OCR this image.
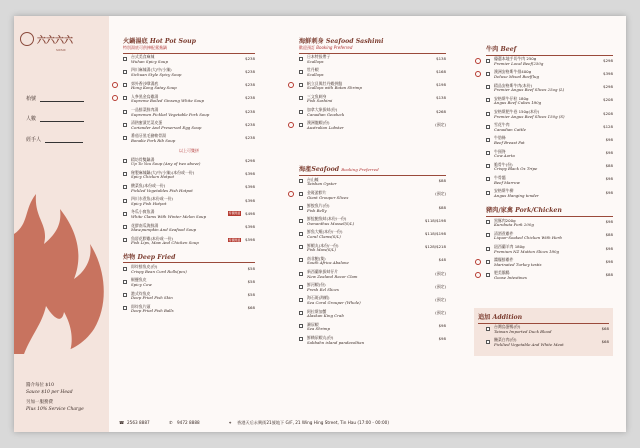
六六六六
SIXSIX
枱號
人數
經手人
醬介每位 $10
Sauce $10 per Head
另加一服務費
Plus 10% Service Charge
火鍋湯底 Hot Pot Soup
特別湯底可供揀配鴛鴦鍋
台式美食麻辣
Wuhan Spicy Soup
$238
四川麻辣湯(大/中/小辣)
Sichuan Style Spicy Soup
$238
郊外香沙嗲湯底
Hong Kong Satay Soup
$238
人參黑金烏雞湯
Supreme Boiled Ginseng White Soup
$238
一品鮮菜鮮肉湯
Supremen Pickled Vegetable Pork Soup
$238
清熱蜜漬芫荽皮蛋
Coriander And Preserved Egg Soup
$238
番茄牙黑毛豬軟骨湯
Bonalie Pork Rib Soup
$238
以上可雙拼
精坊骨雙鍋湯
Up To You Soup (Any of two above)
$298
秘製麻辣鍋(大/中/小辣)(本份或一份)
Spicy Chicken Hotpot
$398
酸菜魚(本份或一份)
Pickled Vegetables Fish Hotpot
$398
四川水煮魚(本份或一份)
Spicy Fish Hotpot
$398
冬瓜小窩魚湯
White Clams With Winter Melon Soup
特價湯頭 $498
花膠南瓜海鮮湯
Maw.pumpkin And Seafood Soup
$398
魚唇花膠雞(本份或一份)
Fish Lips, Maw And Chicken Soup
特價湯頭 $598
炸物 Deep Fried
即炸鮮魚皮(份)
Crispy Bean Curd Rolls(pcs)
$58
椒鹽魚皮
Spicy Cow
$58
港式炸魚皮
Deep Fried Fish Skin
$58
即炸魚片頭
Deep Fried Fish Balls
$68
海鮮刺身 Seafood Sashimi
歡迎預訂 Booking Preferred
日本特級帶子
Scallops
$138
牡丹蝦
Scallops
$168
帆立貝與牡丹蝦拼盤
Scallops with Botan Shrimp
$198
三文魚刺身
Fish Sashimi
$138
加拿大象拔蚌(份)
Canadian Geoduck
$268
澳洲龍蝦(份)
Australian Lobster
(預定)
海產Seafood Booking Preferred
台山蠔
Taishan Oyster
$88
金斑游膠片
Giant Grouper Slices
(預定)
鮮鯇魚片(份)
Fish Belly
$88
鮮鯰鮑魚蚌(本份/一份)
Osmanthus Mussel(S/L)
$118/$198
鮮魚大蜆(本份/一份)
Coral Clams(S/L)
$118/$198
鮮蝦丸(本份/一份)
Fish Maw(S/L)
$128/$218
南非鮑(隻)
South Africa Abalone
$48
新西蘭象拔蚌仔片
New Zealand Razor Clam
(預定)
鮮河蝦(份)
Fresh Eel Slices
(預定)
海石斑(海蝦)
Sea Coral Grouper (Whole)
(預定)
阿拉斯加蟹
Alaskan King Crab
(預定)
瀨尿蝦
Sea Shrimp
$98
鮮賴尿蝦丸(份)
Sabbahn island pandavoltian
$98
牛肉 Beef
優選本地手切牛肉 250g
Premier Local Beef(250g
$298
澳洲安格斯牛排400g
Deluxe Mixed Beef(lug
$398
精品安格斯牛肉(本份)
Premier Angus Beef Slices 25og (L)
$298
安格斯牛仔粒 180g
Angus Beef Cubes 180g
$208
安格斯肥牛卷 150g(本份)
Premier Angus Beef Slices 150g (S)
$208
雪花牛肉
Canadian Cattle
$128
牛肋條
Beef Breast Fat
$98
牛頸脊
Cow Aorta
$98
脆骨牛(份)
Crispy Black Ox Tripe
$88
牛骨髓
Beef Marrow
$98
安格斯牛柳
Angus Hanging tender
$98
豬肉/家禽 Pork/Chicken
黑豚肉200g
Kurobuta Pork 200g
$98
清酒煮雞件
Liquor-Soaked Chicken With Herb
$88
紐西蘭羊肉 180g
Premium NZ Mutton Slices 180g
$98
醬爆鮮雞件
Marinated Turkey testis
$98
肥美鵝腸
Goose Intestines
$88
追加 Addition
台灣烏蛋鴨(份)
Taiwan Imported Duck Blood
$68
醃菜白肉(份)
Picklied Vegetable And White Meat
$68
☎ 2563 8887	✆ 9472 8888	⌖ 香港天后永興街21號地下 G/F, 21 Wing Hing Street, Tin Hau (17:00 - 00:00)
